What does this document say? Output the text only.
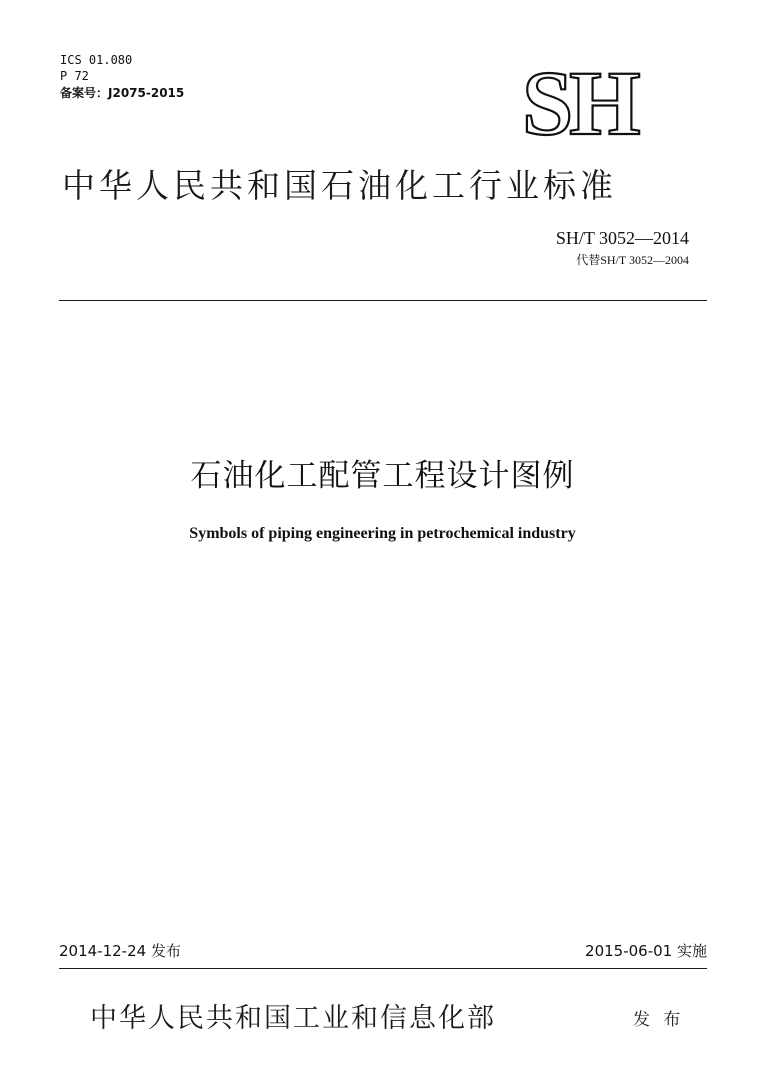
ICS 01.080
P 72
备案号：J2075-2015	SH
中华人民共和国石油化工行业标准
SH/T 3052—2014
代替SH/T 3052—2004
石油化工配管工程设计图例
Symbols of piping engineering in petrochemical industry
2014-12-24 发布	2015-06-01 实施
中华人民共和国工业和信息化部	发 布
